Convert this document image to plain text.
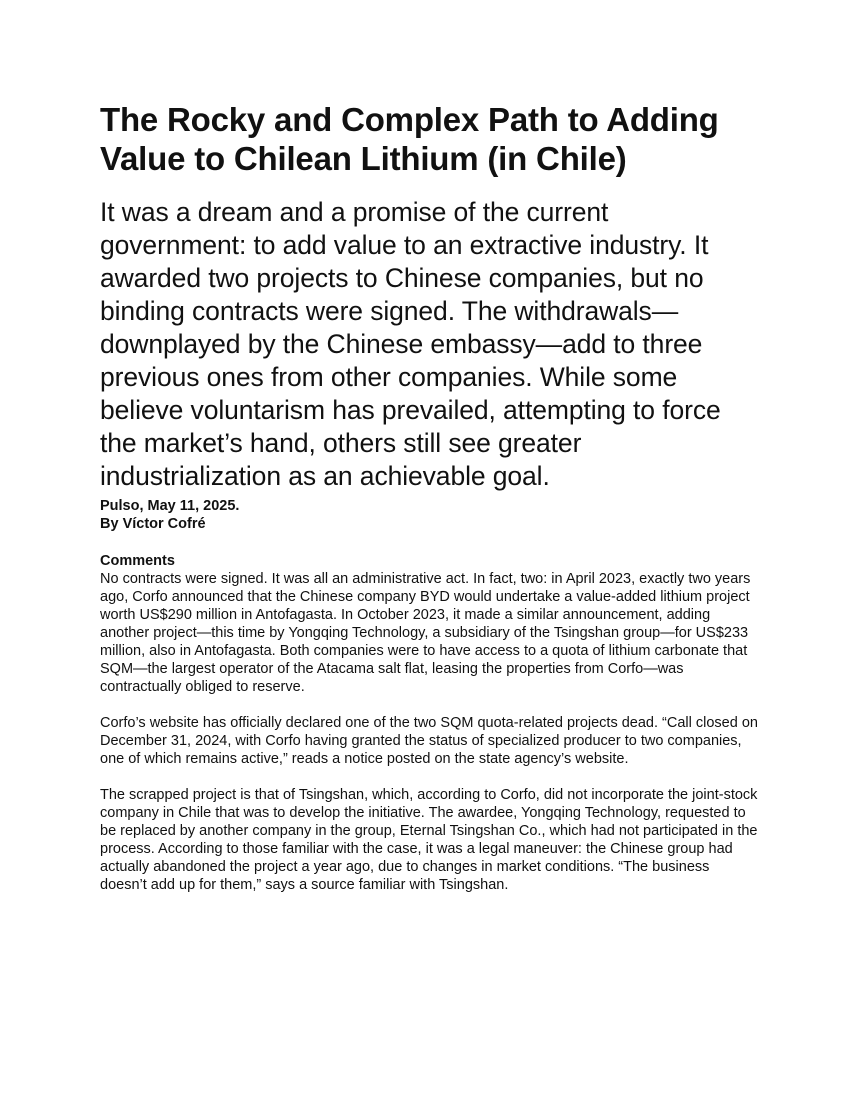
The Rocky and Complex Path to Adding Value to Chilean Lithium (in Chile)

It was a dream and a promise of the current government: to add value to an extractive industry. It awarded two projects to Chinese companies, but no binding contracts were signed. The withdrawals—downplayed by the Chinese embassy—add to three previous ones from other companies. While some believe voluntarism has prevailed, attempting to force the market’s hand, others still see greater industrialization as an achievable goal.

Pulso, May 11, 2025.

By Víctor Cofré

Comments

No contracts were signed. It was all an administrative act. In fact, two: in April 2023, exactly two years ago, Corfo announced that the Chinese company BYD would undertake a value-added lithium project worth US$290 million in Antofagasta. In October 2023, it made a similar announcement, adding another project—this time by Yongqing Technology, a subsidiary of the Tsingshan group—for US$233 million, also in Antofagasta. Both companies were to have access to a quota of lithium carbonate that SQM—the largest operator of the Atacama salt flat, leasing the properties from Corfo—was contractually obliged to reserve.

Corfo’s website has officially declared one of the two SQM quota-related projects dead. “Call closed on December 31, 2024, with Corfo having granted the status of specialized producer to two companies, one of which remains active,” reads a notice posted on the state agency’s website.

The scrapped project is that of Tsingshan, which, according to Corfo, did not incorporate the joint-stock company in Chile that was to develop the initiative. The awardee, Yongqing Technology, requested to be replaced by another company in the group, Eternal Tsingshan Co., which had not participated in the process. According to those familiar with the case, it was a legal maneuver: the Chinese group had actually abandoned the project a year ago, due to changes in market conditions. “The business doesn’t add up for them,” says a source familiar with Tsingshan.
